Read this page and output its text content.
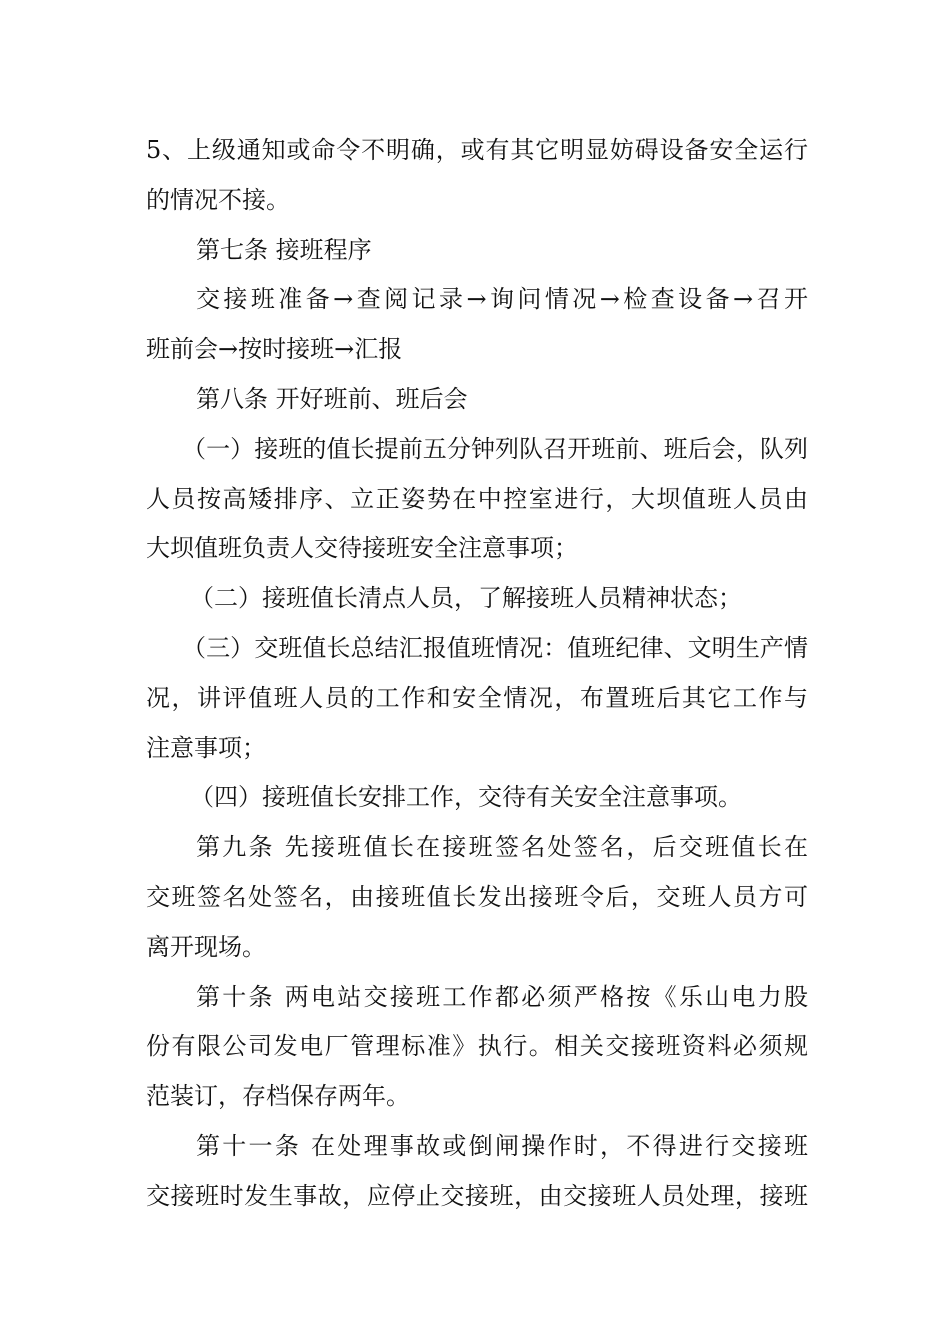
5、上级通知或命令不明确，或有其它明显妨碍设备安全运行
的情况不接。
第七条 接班程序
交接班准备→查阅记录→询问情况→检查设备→召开
班前会→按时接班→汇报
第八条 开好班前、班后会
（一）接班的值长提前五分钟列队召开班前、班后会，队列
人员按高矮排序、立正姿势在中控室进行，大坝值班人员由
大坝值班负责人交待接班安全注意事项；
（二）接班值长清点人员，了解接班人员精神状态；
（三）交班值长总结汇报值班情况：值班纪律、文明生产情
况，讲评值班人员的工作和安全情况，布置班后其它工作与
注意事项；
（四）接班值长安排工作，交待有关安全注意事项。
第九条 先接班值长在接班签名处签名，后交班值长在
交班签名处签名，由接班值长发出接班令后，交班人员方可
离开现场。
第十条 两电站交接班工作都必须严格按《乐山电力股
份有限公司发电厂管理标准》执行。相关交接班资料必须规
范装订，存档保存两年。
第十一条 在处理事故或倒闸操作时，不得进行交接班
交接班时发生事故，应停止交接班，由交接班人员处理，接班
